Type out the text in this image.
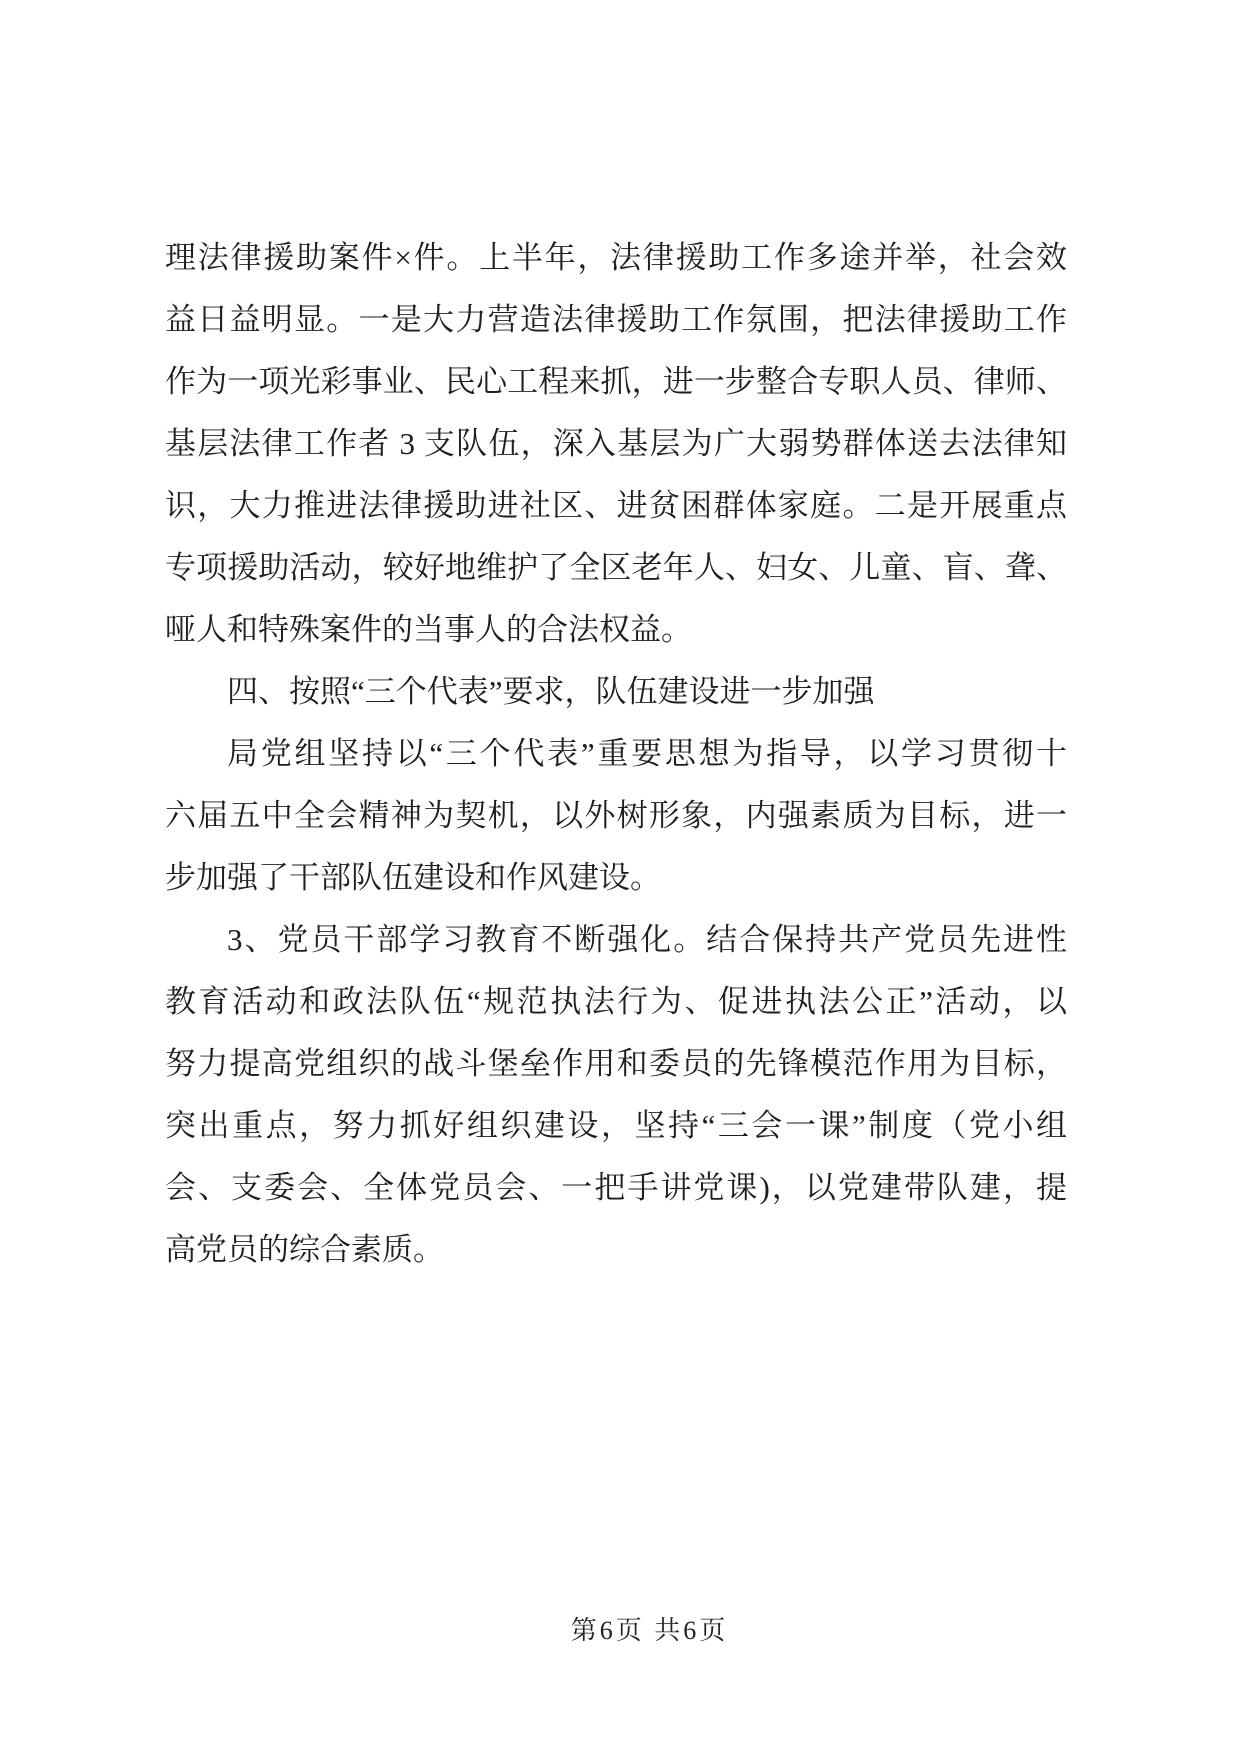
理法律援助案件×件。上半年，法律援助工作多途并举，社会效
益日益明显。一是大力营造法律援助工作氛围，把法律援助工作
作为一项光彩事业、民心工程来抓，进一步整合专职人员、律师、
基层法律工作者 3 支队伍，深入基层为广大弱势群体送去法律知
识，大力推进法律援助进社区、进贫困群体家庭。二是开展重点
专项援助活动，较好地维护了全区老年人、妇女、儿童、盲、聋、
哑人和特殊案件的当事人的合法权益。
四、按照“三个代表”要求，队伍建设进一步加强
局党组坚持以“三个代表”重要思想为指导，以学习贯彻十
六届五中全会精神为契机，以外树形象，内强素质为目标，进一
步加强了干部队伍建设和作风建设。
3、党员干部学习教育不断强化。结合保持共产党员先进性
教育活动和政法队伍“规范执法行为、促进执法公正”活动，以
努力提高党组织的战斗堡垒作用和委员的先锋模范作用为目标，
突出重点，努力抓好组织建设，坚持“三会一课”制度（党小组
会、支委会、全体党员会、一把手讲党课)，以党建带队建，提
高党员的综合素质。
第6页 共6页
